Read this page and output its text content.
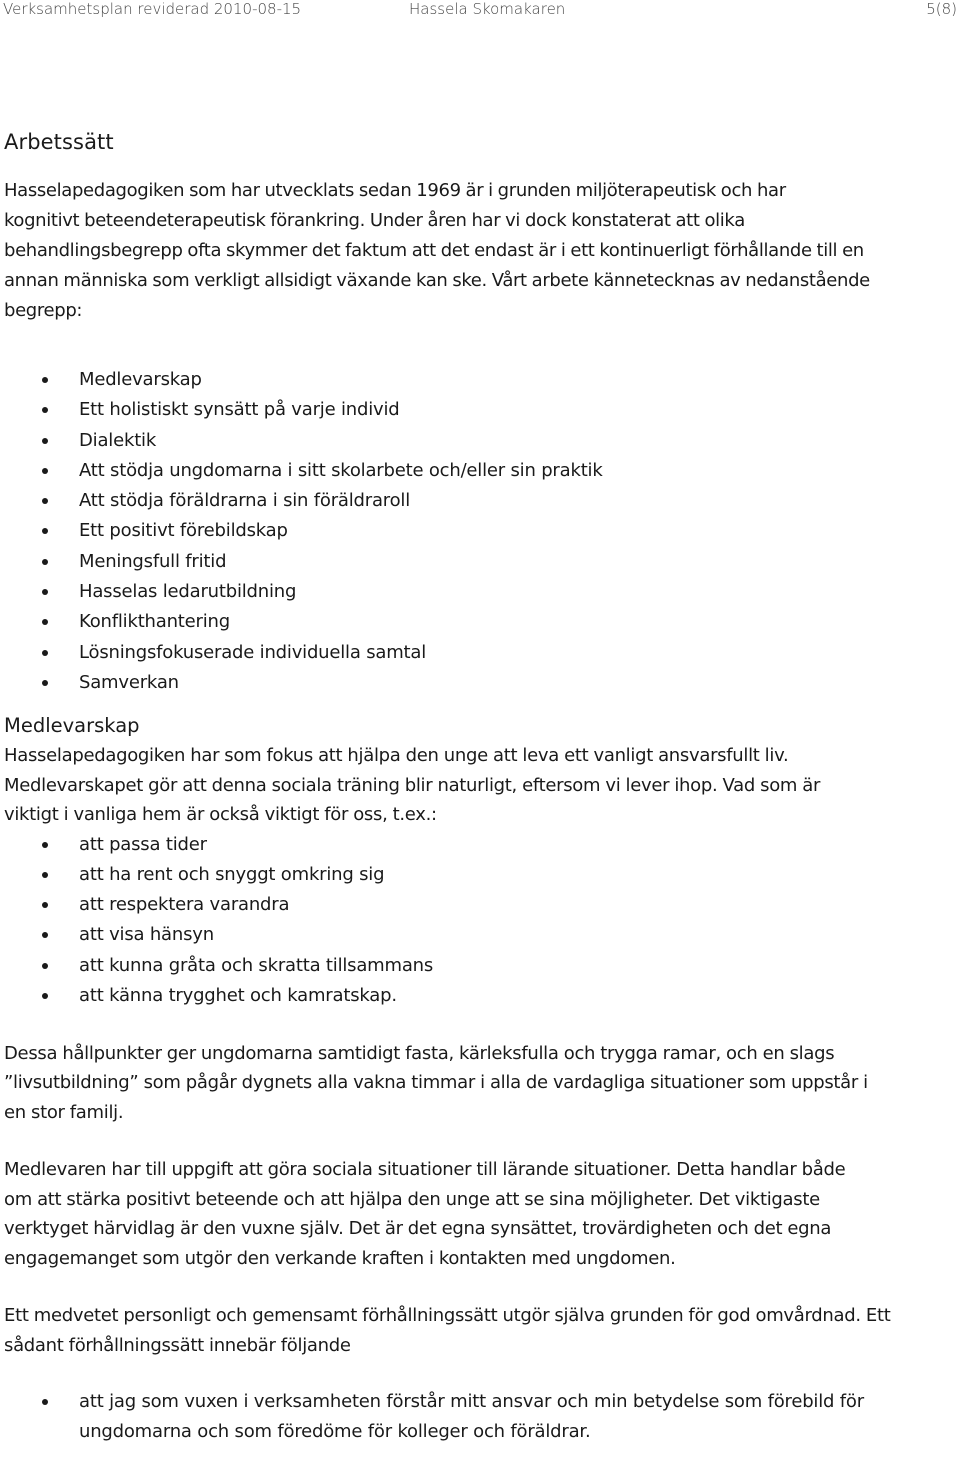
Verksamhetsplan reviderad 2010-08-15	Hassela Skomakaren	5(8)
Arbetssätt
Hasselapedagogiken som har utvecklats sedan 1969 är i grunden miljöterapeutisk och har
kognitivt beteendeterapeutisk förankring. Under åren har vi dock konstaterat att olika
behandlingsbegrepp ofta skymmer det faktum att det endast är i ett kontinuerligt förhållande till en
annan människa som verkligt allsidigt växande kan ske. Vårt arbete kännetecknas av nedanstående
begrepp:
Medlevarskap
Ett holistiskt synsätt på varje individ
Dialektik
Att stödja ungdomarna i sitt skolarbete och/eller sin praktik
Att stödja föräldrarna i sin föräldraroll
Ett positivt förebildskap
Meningsfull fritid
Hasselas ledarutbildning
Konflikthantering
Lösningsfokuserade individuella samtal
Samverkan
Medlevarskap
Hasselapedagogiken har som fokus att hjälpa den unge att leva ett vanligt ansvarsfullt liv.
Medlevarskapet gör att denna sociala träning blir naturligt, eftersom vi lever ihop. Vad som är
viktigt i vanliga hem är också viktigt för oss, t.ex.:
att passa tider
att ha rent och snyggt omkring sig
att respektera varandra
att visa hänsyn
att kunna gråta och skratta tillsammans
att känna trygghet och kamratskap.
Dessa hållpunkter ger ungdomarna samtidigt fasta, kärleksfulla och trygga ramar, och en slags
”livsutbildning” som pågår dygnets alla vakna timmar i alla de vardagliga situationer som uppstår i
en stor familj.
Medlevaren har till uppgift att göra sociala situationer till lärande situationer. Detta handlar både
om att stärka positivt beteende och att hjälpa den unge att se sina möjligheter. Det viktigaste
verktyget härvidlag är den vuxne själv. Det är det egna synsättet, trovärdigheten och det egna
engagemanget som utgör den verkande kraften i kontakten med ungdomen.
Ett medvetet personligt och gemensamt förhållningssätt utgör själva grunden för god omvårdnad. Ett
sådant förhållningssätt innebär följande
att jag som vuxen i verksamheten förstår mitt ansvar och min betydelse som förebild för
ungdomarna och som föredöme för kolleger och föräldrar.
